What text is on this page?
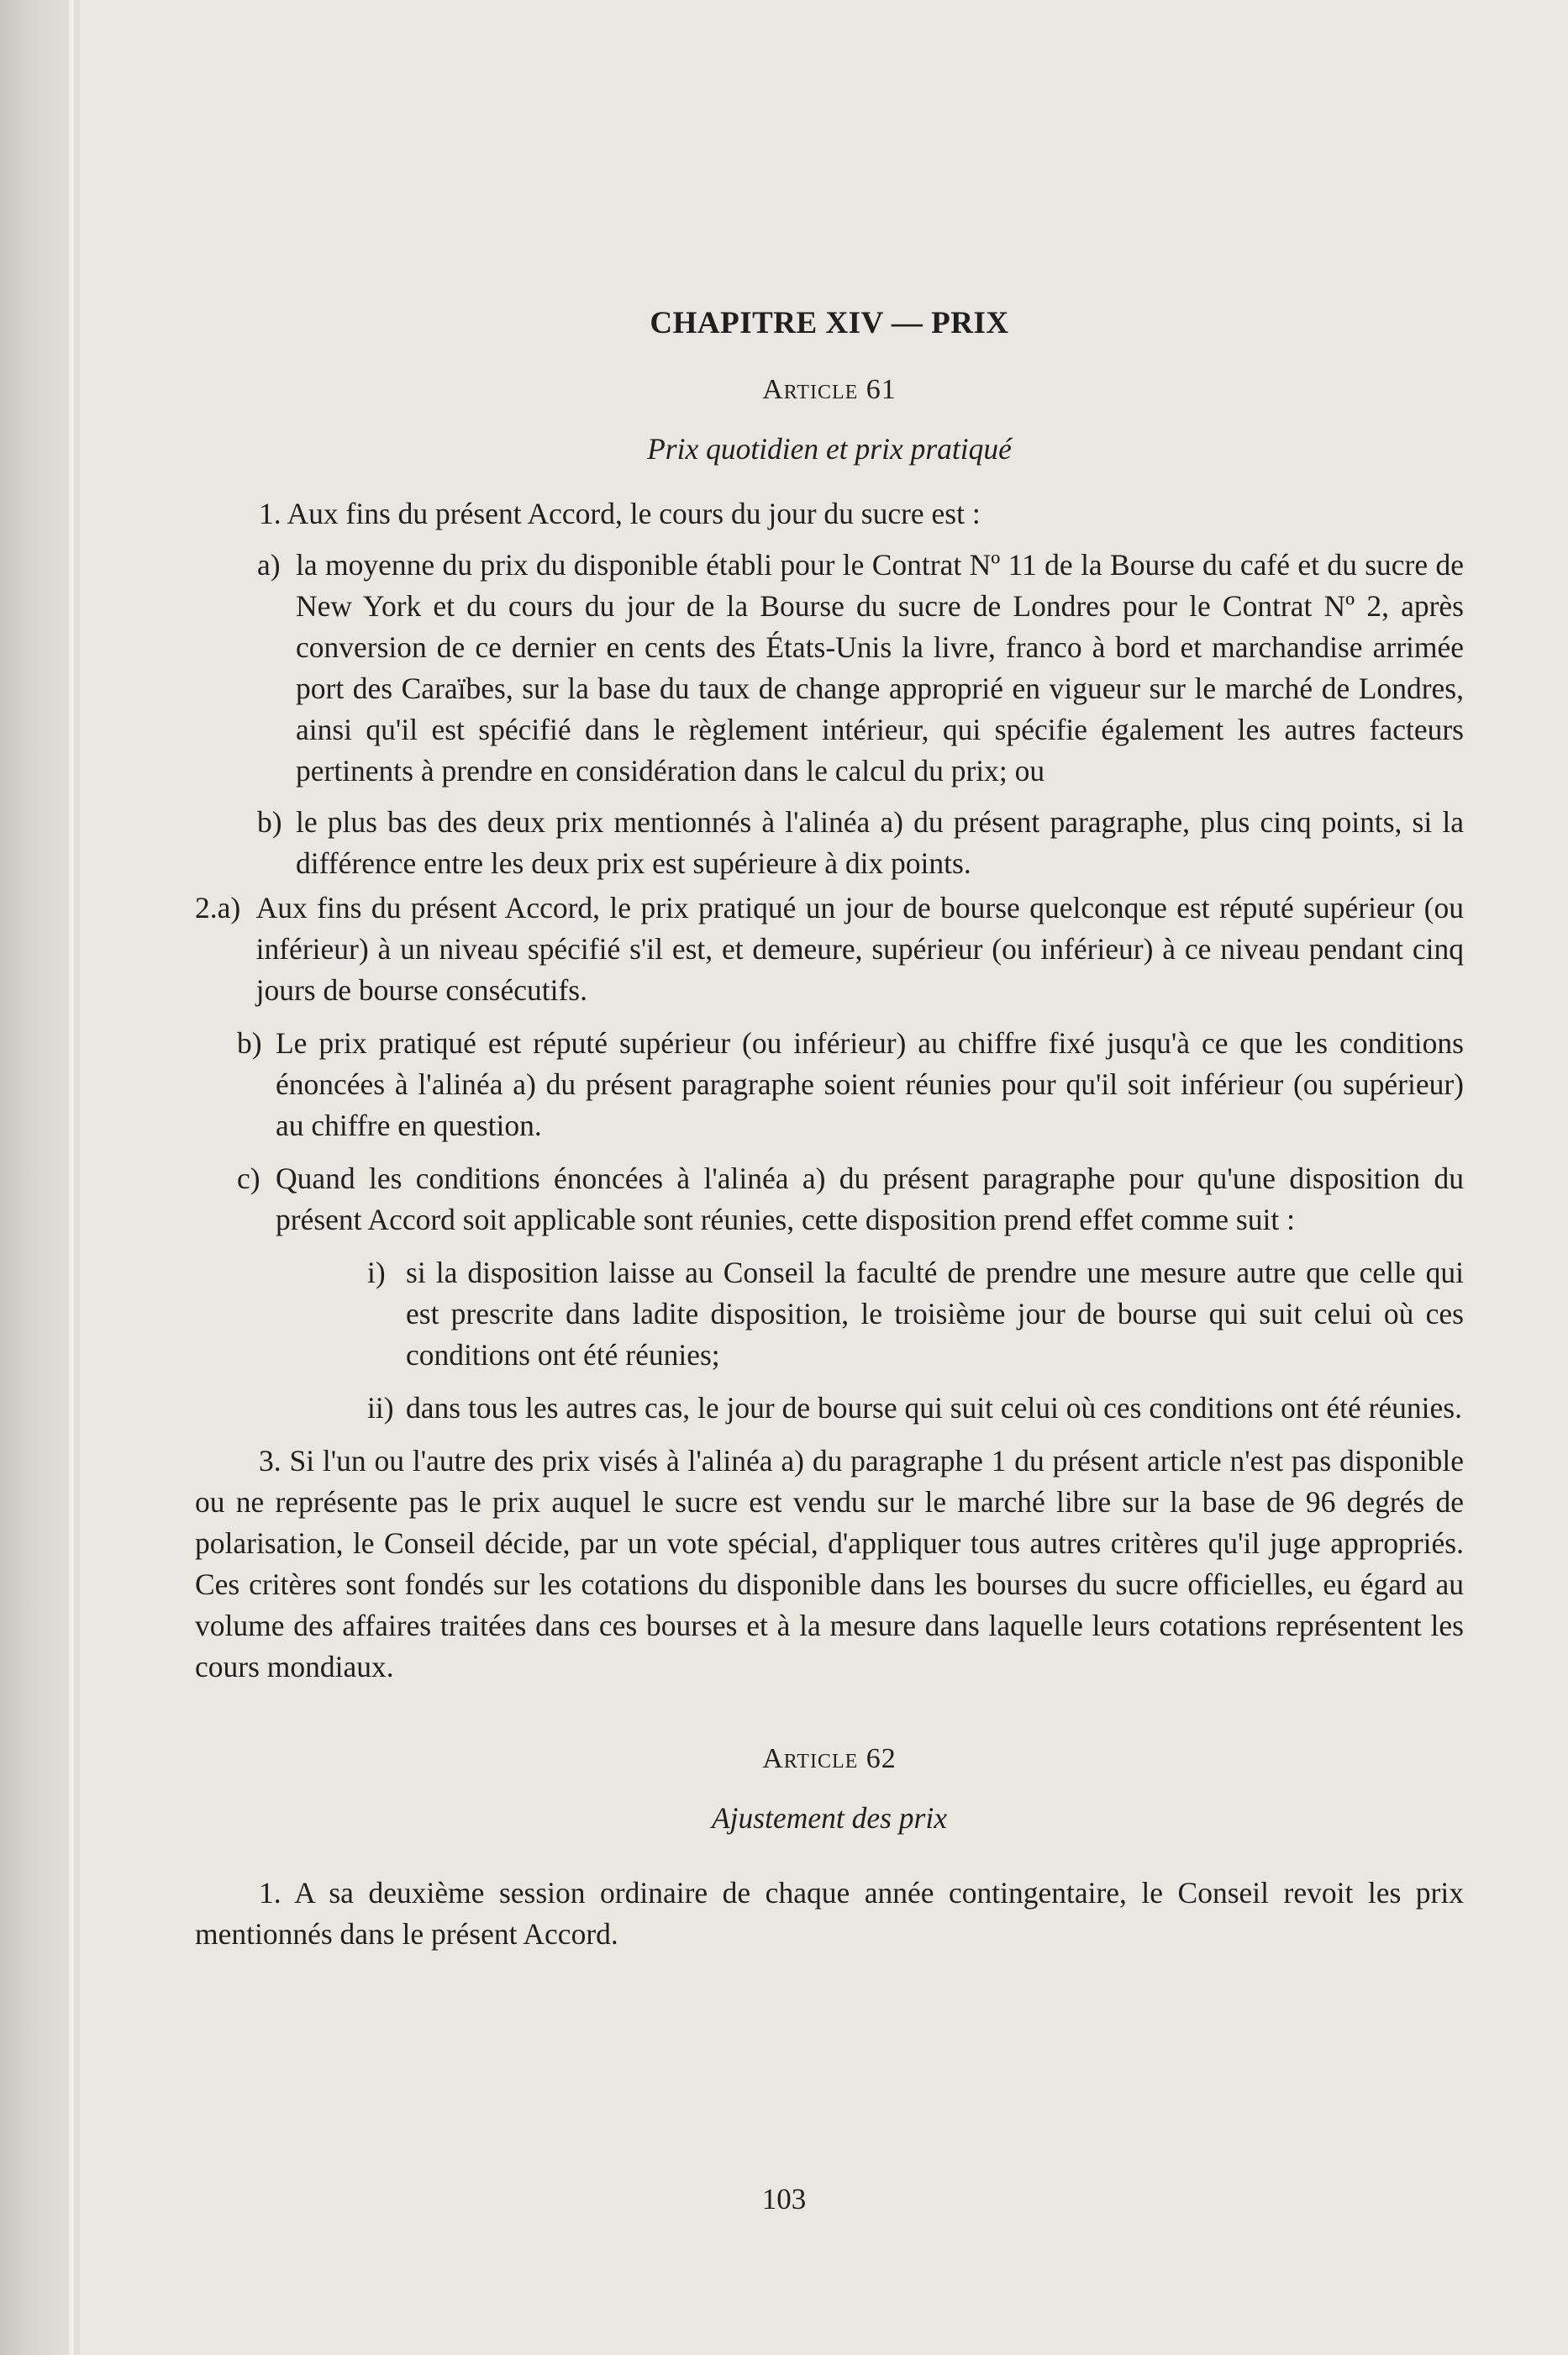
CHAPITRE XIV — PRIX
Article 61
Prix quotidien et prix pratiqué

1. Aux fins du présent Accord, le cours du jour du sucre est :

a) la moyenne du prix du disponible établi pour le Contrat Nº 11 de la Bourse du café et du sucre de New York et du cours du jour de la Bourse du sucre de Londres pour le Contrat Nº 2, après conversion de ce dernier en cents des États-Unis la livre, franco à bord et marchandise arrimée port des Caraïbes, sur la base du taux de change approprié en vigueur sur le marché de Londres, ainsi qu'il est spécifié dans le règlement intérieur, qui spécifie également les autres facteurs pertinents à prendre en considération dans le calcul du prix; ou
b) le plus bas des deux prix mentionnés à l'alinéa a) du présent paragraphe, plus cinq points, si la différence entre les deux prix est supérieure à dix points.
2. a) Aux fins du présent Accord, le prix pratiqué un jour de bourse quelconque est réputé supérieur (ou inférieur) à un niveau spécifié s'il est, et demeure, supérieur (ou inférieur) à ce niveau pendant cinq jours de bourse consécutifs.
b) Le prix pratiqué est réputé supérieur (ou inférieur) au chiffre fixé jusqu'à ce que les conditions énoncées à l'alinéa a) du présent paragraphe soient réunies pour qu'il soit inférieur (ou supérieur) au chiffre en question.
c) Quand les conditions énoncées à l'alinéa a) du présent paragraphe pour qu'une disposition du présent Accord soit applicable sont réunies, cette disposition prend effet comme suit :
i) si la disposition laisse au Conseil la faculté de prendre une mesure autre que celle qui est prescrite dans ladite disposition, le troisième jour de bourse qui suit celui où ces conditions ont été réunies;
ii) dans tous les autres cas, le jour de bourse qui suit celui où ces conditions ont été réunies.

3. Si l'un ou l'autre des prix visés à l'alinéa a) du paragraphe 1 du présent article n'est pas disponible ou ne représente pas le prix auquel le sucre est vendu sur le marché libre sur la base de 96 degrés de polarisation, le Conseil décide, par un vote spécial, d'appliquer tous autres critères qu'il juge appropriés. Ces critères sont fondés sur les cotations du disponible dans les bourses du sucre officielles, eu égard au volume des affaires traitées dans ces bourses et à la mesure dans laquelle leurs cotations représentent les cours mondiaux.

Article 62
Ajustement des prix

1. A sa deuxième session ordinaire de chaque année contingentaire, le Conseil revoit les prix mentionnés dans le présent Accord.

103
